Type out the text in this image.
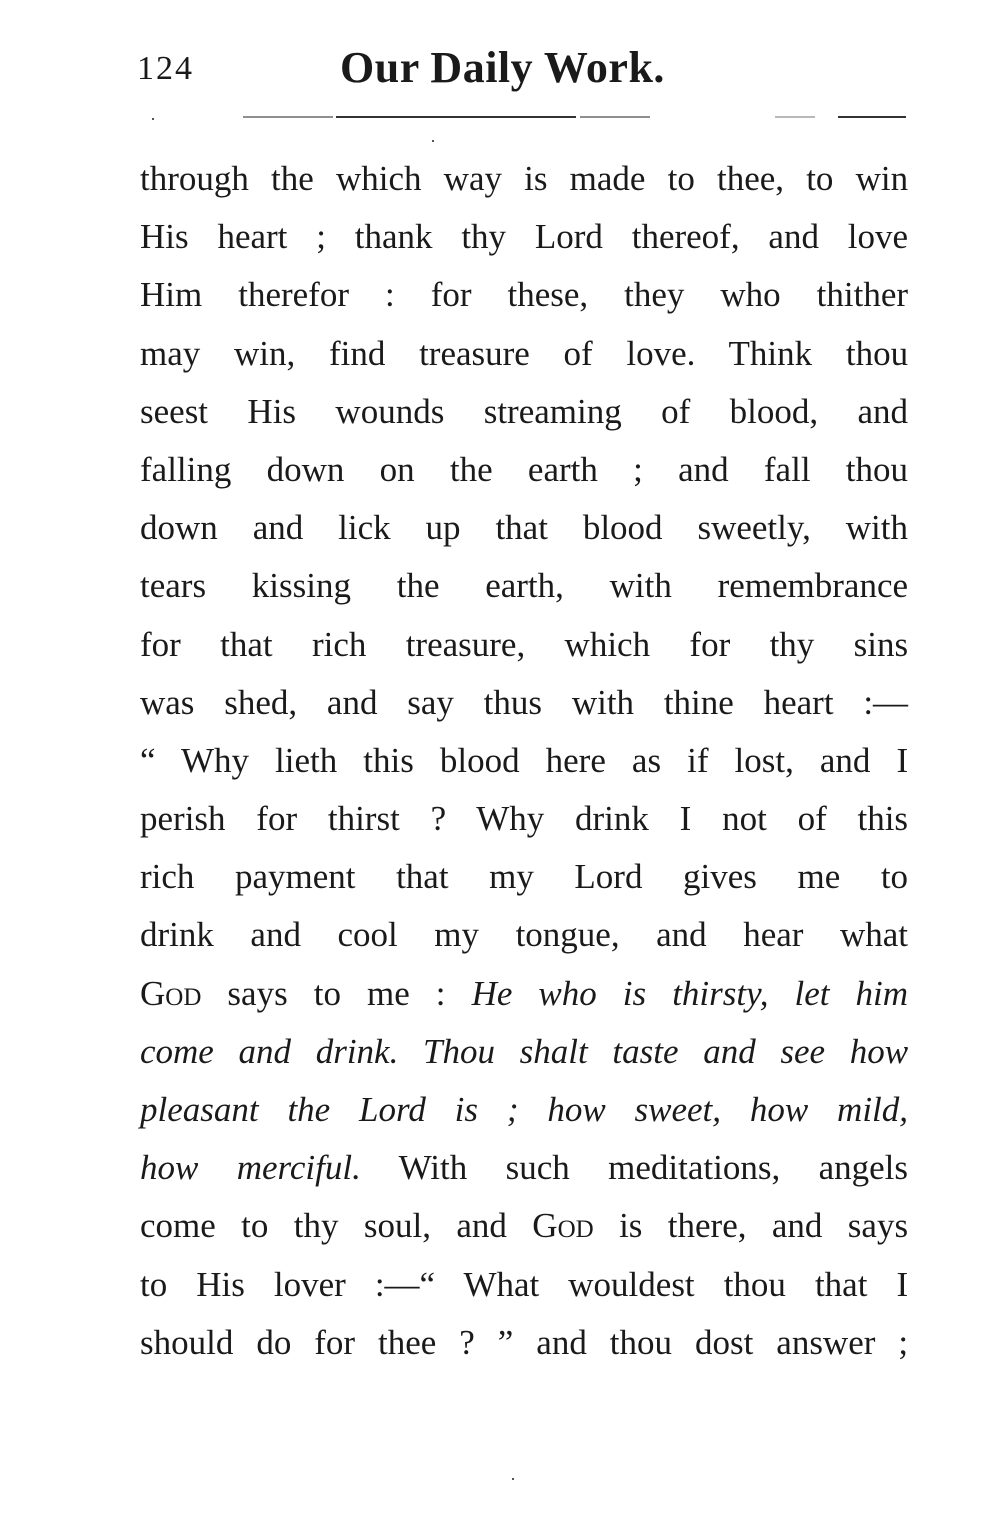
124	Our Daily Work.
through the which way is made to thee, to win
His heart ; thank thy Lord thereof, and love
Him therefor : for these, they who thither
may win, find treasure of love. Think thou
seest His wounds streaming of blood, and
falling down on the earth ; and fall thou
down and lick up that blood sweetly, with
tears kissing the earth, with remembrance
for that rich treasure, which for thy sins
was shed, and say thus with thine heart :—
“ Why lieth this blood here as if lost, and I
perish for thirst ? Why drink I not of this
rich payment that my Lord gives me to
drink and cool my tongue, and hear what
God says to me : He who is thirsty, let him
come and drink. Thou shalt taste and see how
pleasant the Lord is ; how sweet, how mild,
how merciful. With such meditations, angels
come to thy soul, and God is there, and says
to His lover :—“ What wouldest thou that I
should do for thee ? ” and thou dost answer ;
